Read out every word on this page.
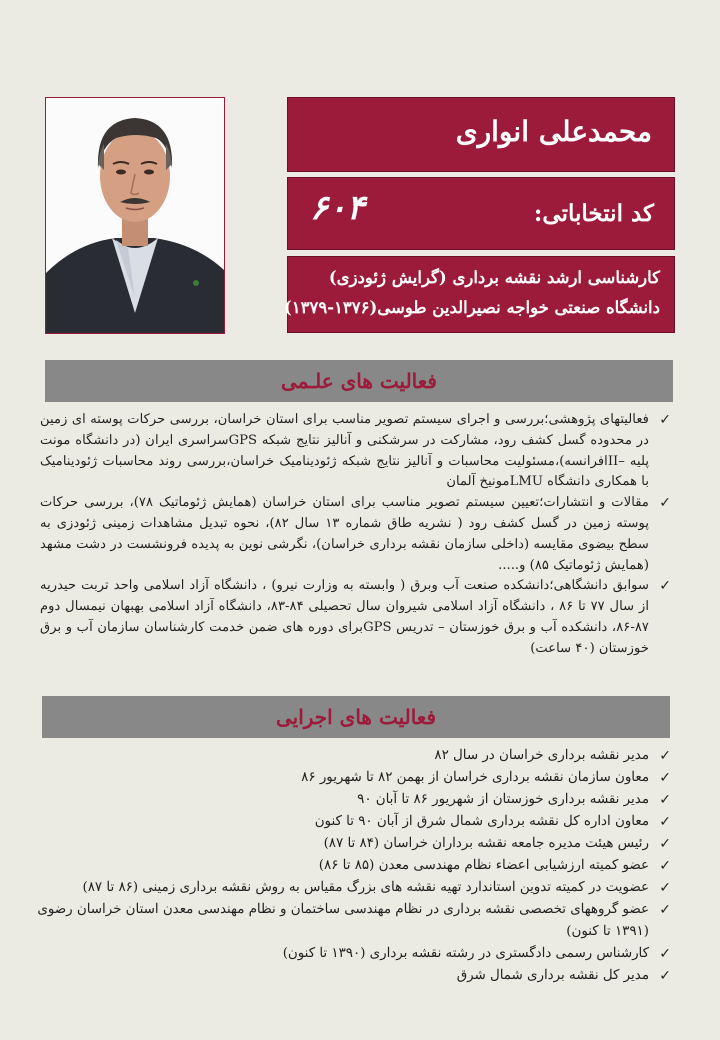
محمدعلی انواری
کد انتخاباتی:
۶۰۴
کارشناسی ارشد نقشه برداری (گرایش ژئودزی)
دانشگاه صنعتی خواجه نصیرالدین طوسی(۱۳۷۶-۱۳۷۹)
فعالیت های علـمی
✓ فعالیتهای پژوهشی؛بررسی و اجرای سیستم تصویر مناسب برای استان خراسان، بررسی حرکات پوسته ای زمین در محدوده گسل کشف رود، مشارکت در سرشکنی و آنالیز نتایج شبکه GPSسراسری ایران (در دانشگاه مونت پلیه –IIافرانسه)،مسئولیت محاسبات و آنالیز نتایج شبکه ژئودینامیک خراسان،بررسی روند محاسبات ژئودینامیک با همکاری دانشگاه LMUمونیخ آلمان
✓ مقالات و انتشارات؛تعیین سیستم تصویر مناسب برای استان خراسان (همایش ژئوماتیک ۷۸)، بررسی حرکات پوسته زمین در گسل کشف رود ( نشریه طاق شماره ۱۳ سال ۸۲)، نحوه تبدیل مشاهدات زمینی ژئودزی به سطح بیضوی مقایسه (داخلی سازمان نقشه برداری خراسان)، نگرشی نوین به پدیده فرونشست در دشت مشهد (همایش ژئوماتیک ۸۵) و.....
✓ سوابق دانشگاهی؛دانشکده صنعت آب وبرق ( وابسته به وزارت نیرو) ، دانشگاه آزاد اسلامی واحد تربت حیدریه از سال ۷۷ تا ۸۶ ، دانشگاه آزاد اسلامی شیروان سال تحصیلی ۸۴-۸۳، دانشگاه آزاد اسلامی بهبهان نیمسال دوم ۸۷-۸۶، دانشکده آب و برق خوزستان – تدریس GPSبرای دوره های ضمن خدمت کارشناسان سازمان آب و برق خوزستان (۴۰ ساعت)
فعالیت های اجرایی
✓ مدیر نقشه برداری خراسان در سال ۸۲
✓ معاون سازمان نقشه برداری خراسان از بهمن ۸۲ تا شهریور ۸۶
✓ مدیر نقشه برداری خوزستان از شهریور ۸۶ تا آبان ۹۰
✓ معاون اداره کل نقشه برداری شمال شرق از آبان ۹۰ تا کنون
✓ رئیس هیئت مدیره جامعه نقشه برداران خراسان (۸۴ تا ۸۷)
✓ عضو کمیته ارزشیابی اعضاء نظام مهندسی معدن (۸۵ تا ۸۶)
✓ عضویت در کمیته تدوین استاندارد تهیه نقشه های بزرگ مقیاس به روش نقشه برداری زمینی (۸۶ تا ۸۷)
✓ عضو گروههای تخصصی نقشه برداری در نظام مهندسی ساختمان و نظام مهندسی معدن استان خراسان رضوی (۱۳۹۱ تا کنون)
✓ کارشناس رسمی دادگستری در رشته نقشه برداری (۱۳۹۰ تا کنون)
✓ مدیر کل نقشه برداری شمال شرق
